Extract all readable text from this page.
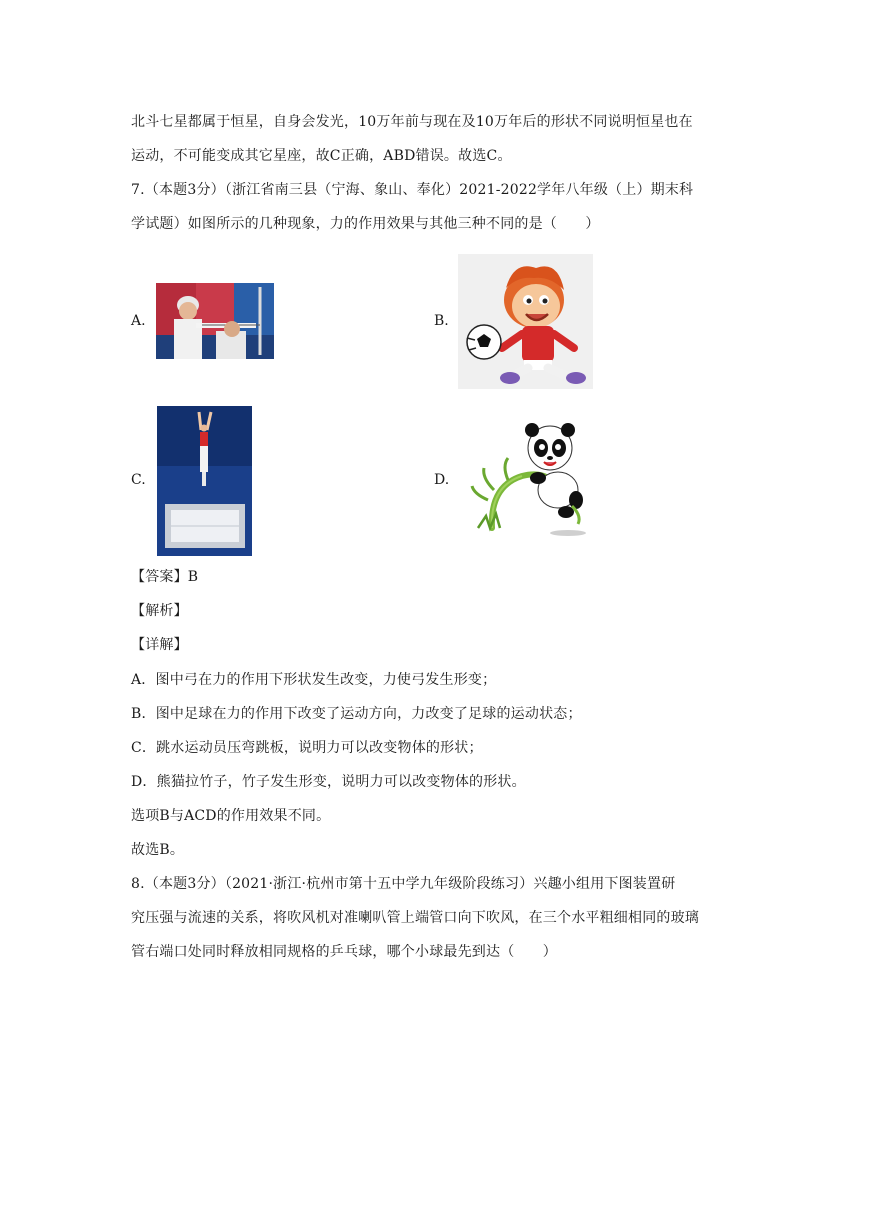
北斗七星都属于恒星，自身会发光，10万年前与现在及10万年后的形状不同说明恒星也在
运动，不可能变成其它星座，故C正确，ABD错误。故选C。
7.（本题3分）（浙江省南三县（宁海、象山、奉化）2021-2022学年八年级（上）期末科
学试题）如图所示的几种现象，力的作用效果与其他三种不同的是（　　）
A.	B.
C.	D.
【答案】B
【解析】
【详解】
A．图中弓在力的作用下形状发生改变，力使弓发生形变；
B．图中足球在力的作用下改变了运动方向，力改变了足球的运动状态；
C．跳水运动员压弯跳板，说明力可以改变物体的形状；
D．熊猫拉竹子，竹子发生形变，说明力可以改变物体的形状。
选项B与ACD的作用效果不同。
故选B。
8.（本题3分）（2021·浙江·杭州市第十五中学九年级阶段练习）兴趣小组用下图装置研
究压强与流速的关系，将吹风机对准喇叭管上端管口向下吹风，在三个水平粗细相同的玻璃
管右端口处同时释放相同规格的乒乓球，哪个小球最先到达（　　）
